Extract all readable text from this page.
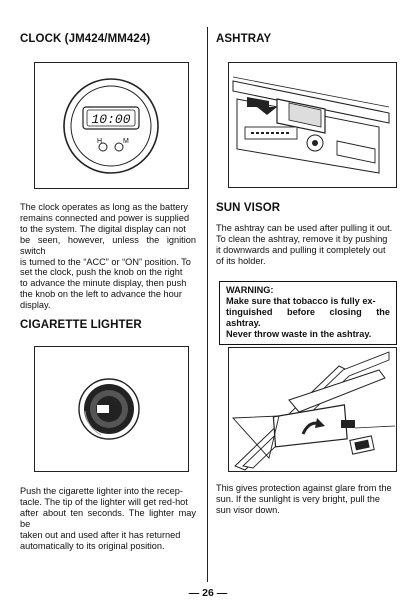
CLOCK (JM424/MM424)
10:00
H	M
The clock operates as long as the battery
remains connected and power is supplied
to the system. The digital display can not
be seen, however, unless the ignition switch
is turned to the “ACC” or “ON” position. To
set the clock, push the knob on the right
to advance the minute display, then push
the knob on the left to advance the hour
display.
CIGARETTE LIGHTER
Push the cigarette lighter into the recep-
tacle. The tip of the lighter will get red-hot
after about ten seconds. The lighter may be
taken out and used after it has returned
automatically to its original position.
ASHTRAY
SUN VISOR
The ashtray can be used after pulling it out.
To clean the ashtray, remove it by pushing
it downwards and pulling it completely out
of its holder.
WARNING:
Make sure that tobacco is fully ex-
tinguished before closing the ashtray.
Never throw waste in the ashtray.
This gives protection against glare from the
sun. If the sunlight is very bright, pull the
sun visor down.
— 26 —
